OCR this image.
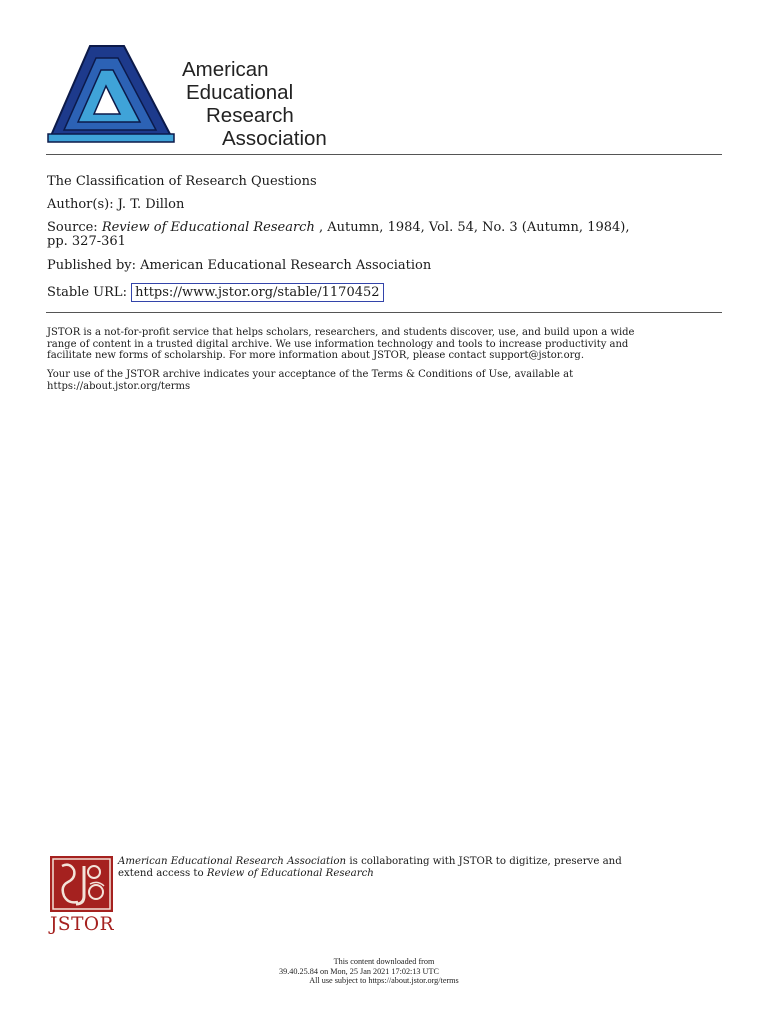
American
Educational
Research
Association
The Classification of Research Questions
Author(s): J. T. Dillon
Source: Review of Educational Research , Autumn, 1984, Vol. 54, No. 3 (Autumn, 1984),
pp. 327-361
Published by: American Educational Research Association
Stable URL: https://www.jstor.org/stable/1170452
JSTOR is a not-for-profit service that helps scholars, researchers, and students discover, use, and build upon a wide
range of content in a trusted digital archive. We use information technology and tools to increase productivity and
facilitate new forms of scholarship. For more information about JSTOR, please contact support@jstor.org.
Your use of the JSTOR archive indicates your acceptance of the Terms & Conditions of Use, available at
https://about.jstor.org/terms
JSTOR
American Educational Research Association is collaborating with JSTOR to digitize, preserve and
extend access to Review of Educational Research
This content downloaded from
39.40.25.84 on Mon, 25 Jan 2021 17:02:13 UTC
All use subject to https://about.jstor.org/terms
